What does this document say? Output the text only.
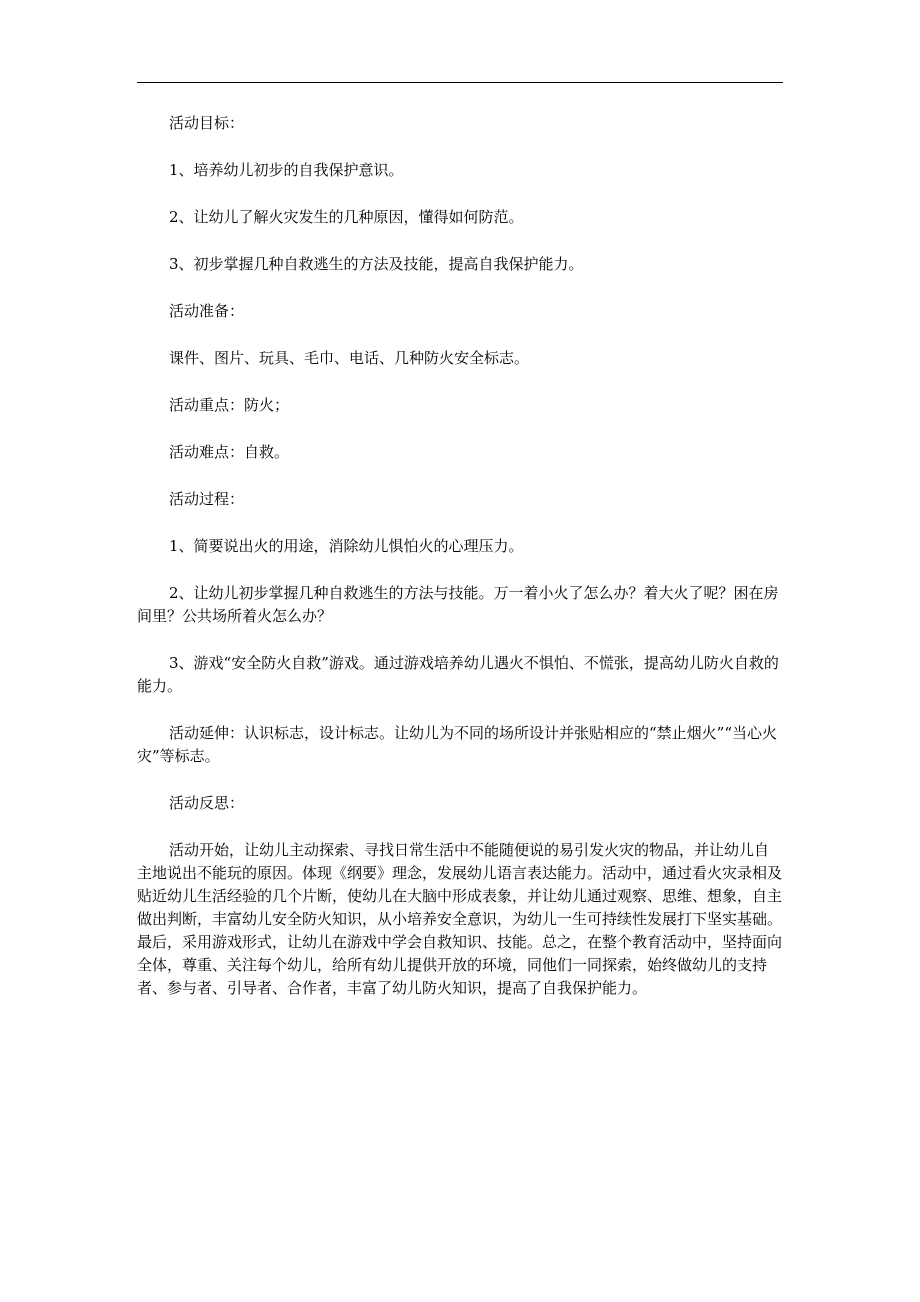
活动目标：

1、培养幼儿初步的自我保护意识。

2、让幼儿了解火灾发生的几种原因，懂得如何防范。

3、初步掌握几种自救逃生的方法及技能，提高自我保护能力。

活动准备：

课件、图片、玩具、毛巾、电话、几种防火安全标志。

活动重点：防火；

活动难点：自救。

活动过程：

1、简要说出火的用途，消除幼儿惧怕火的心理压力。

2、让幼儿初步掌握几种自救逃生的方法与技能。万一着小火了怎么办？着大火了呢？困在房间里？公共场所着火怎么办？

3、游戏“安全防火自救”游戏。通过游戏培养幼儿遇火不惧怕、不慌张，提高幼儿防火自救的能力。

活动延伸：认识标志，设计标志。让幼儿为不同的场所设计并张贴相应的“禁止烟火”“当心火灾”等标志。

活动反思：

活动开始，让幼儿主动探索、寻找日常生活中不能随便说的易引发火灾的物品，并让幼儿自主地说出不能玩的原因。体现《纲要》理念，发展幼儿语言表达能力。活动中，通过看火灾录相及贴近幼儿生活经验的几个片断，使幼儿在大脑中形成表象，并让幼儿通过观察、思维、想象，自主做出判断，丰富幼儿安全防火知识，从小培养安全意识，为幼儿一生可持续性发展打下坚实基础。最后，采用游戏形式，让幼儿在游戏中学会自救知识、技能。总之，在整个教育活动中，坚持面向全体，尊重、关注每个幼儿，给所有幼儿提供开放的环境，同他们一同探索，始终做幼儿的支持者、参与者、引导者、合作者，丰富了幼儿防火知识，提高了自我保护能力。
